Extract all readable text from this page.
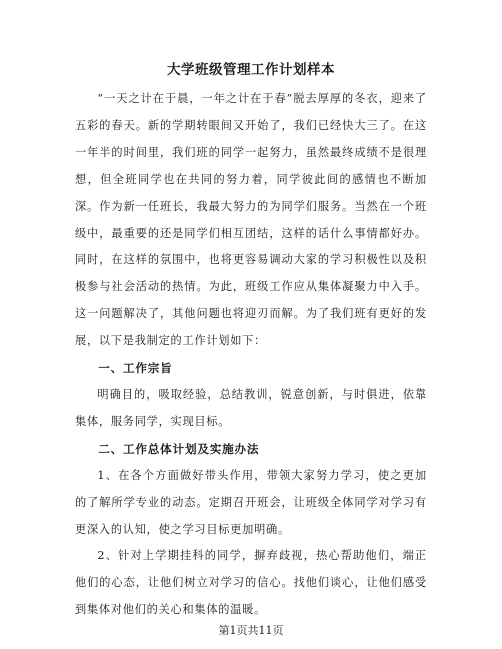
大学班级管理工作计划样本

“一天之计在于晨，一年之计在于春”脱去厚厚的冬衣，迎来了五彩的春天。新的学期转眼间又开始了，我们已经快大三了。在这一年半的时间里，我们班的同学一起努力，虽然最终成绩不是很理想，但全班同学也在共同的努力着，同学彼此间的感情也不断加深。作为新一任班长，我最大努力的为同学们服务。当然在一个班级中，最重要的还是同学们相互团结，这样的话什么事情都好办。同时，在这样的氛围中，也将更容易调动大家的学习积极性以及积极参与社会活动的热情。为此，班级工作应从集体凝聚力中入手。这一问题解决了，其他问题也将迎刃而解。为了我们班有更好的发展，以下是我制定的工作计划如下：

一、工作宗旨

明确目的，吸取经验，总结教训，锐意创新，与时俱进，依靠集体，服务同学，实现目标。

二、工作总体计划及实施办法

1、在各个方面做好带头作用，带领大家努力学习，使之更加的了解所学专业的动态。定期召开班会，让班级全体同学对学习有更深入的认知，使之学习目标更加明确。

2、针对上学期挂科的同学，摒弃歧视，热心帮助他们，端正他们的心态，让他们树立对学习的信心。找他们谈心，让他们感受到集体对他们的关心和集体的温暖。

第1页共11页
